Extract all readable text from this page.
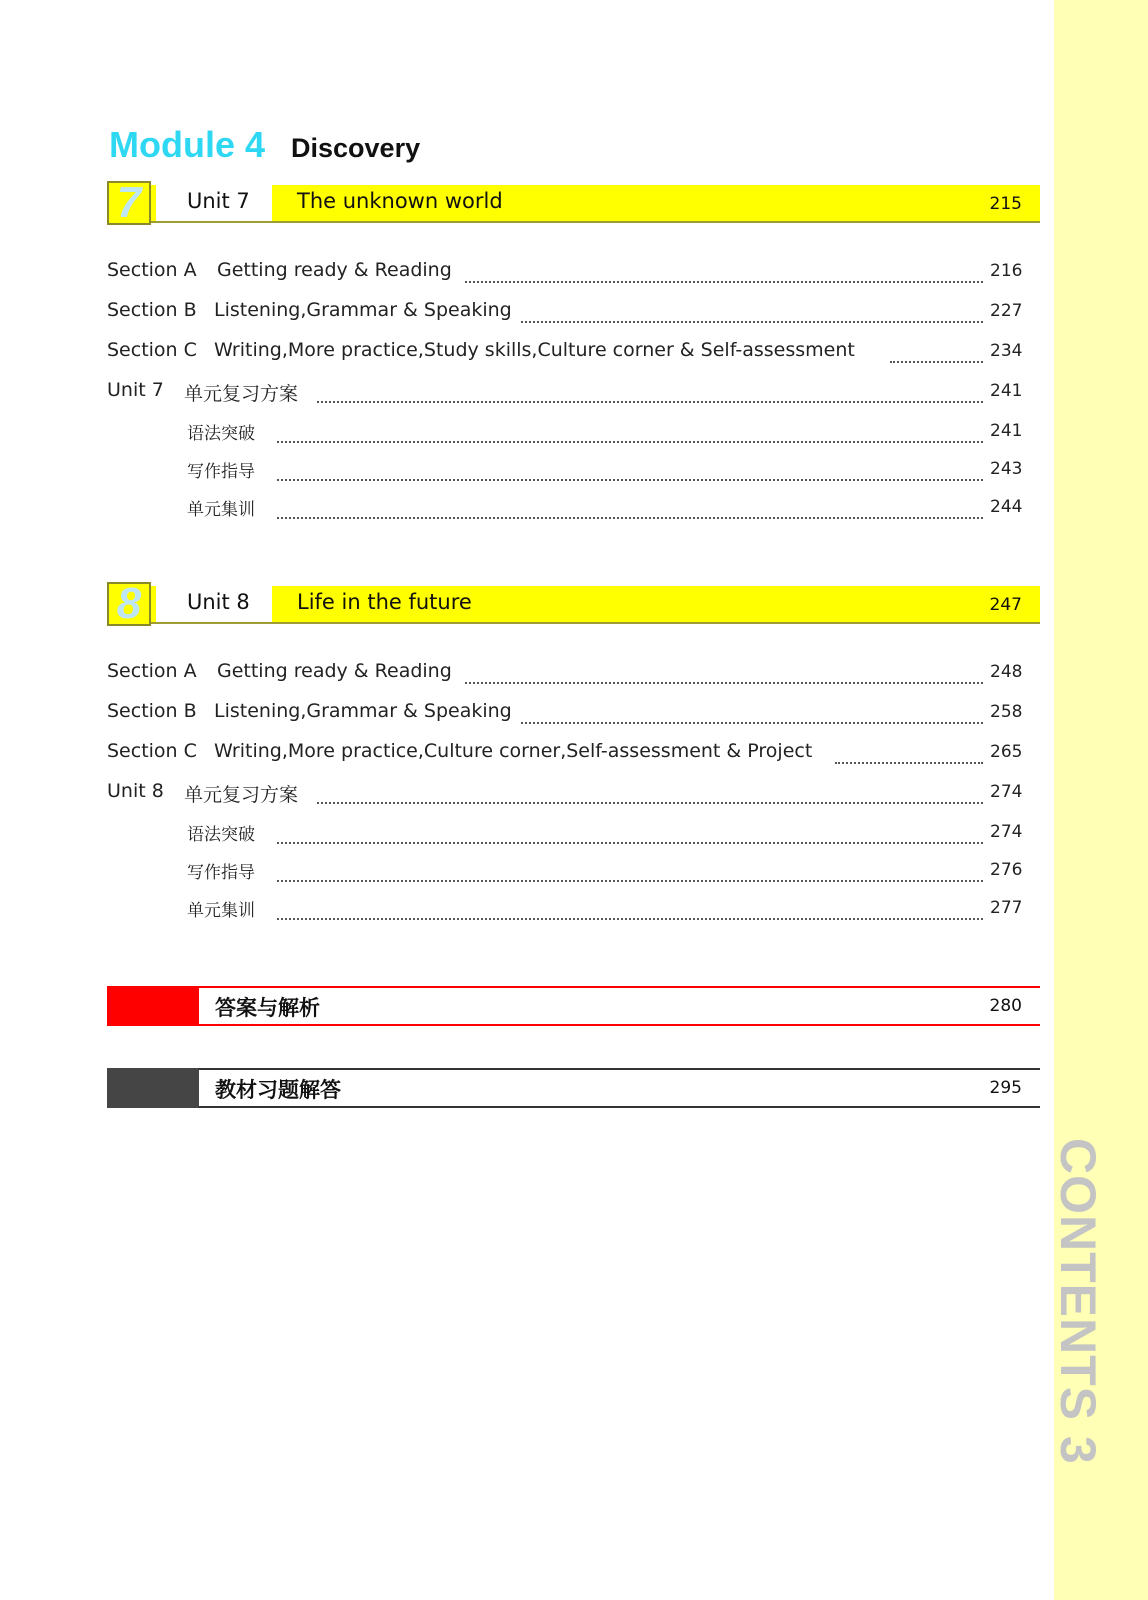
CONTENTS 3
Module 4 Discovery
7 Unit 7 The unknown world	215
Section A Getting ready & Reading	216
Section B Listening,Grammar & Speaking	227
Section C Writing,More practice,Study skills,Culture corner & Self-assessment	234
Unit 7 单元复习方案	241
语法突破	241
写作指导	243
单元集训	244
8 Unit 8 Life in the future	247
Section A Getting ready & Reading	248
Section B Listening,Grammar & Speaking	258
Section C Writing,More practice,Culture corner,Self-assessment & Project	265
Unit 8 单元复习方案	274
语法突破	274
写作指导	276
单元集训	277
答案与解析	280
教材习题解答	295
